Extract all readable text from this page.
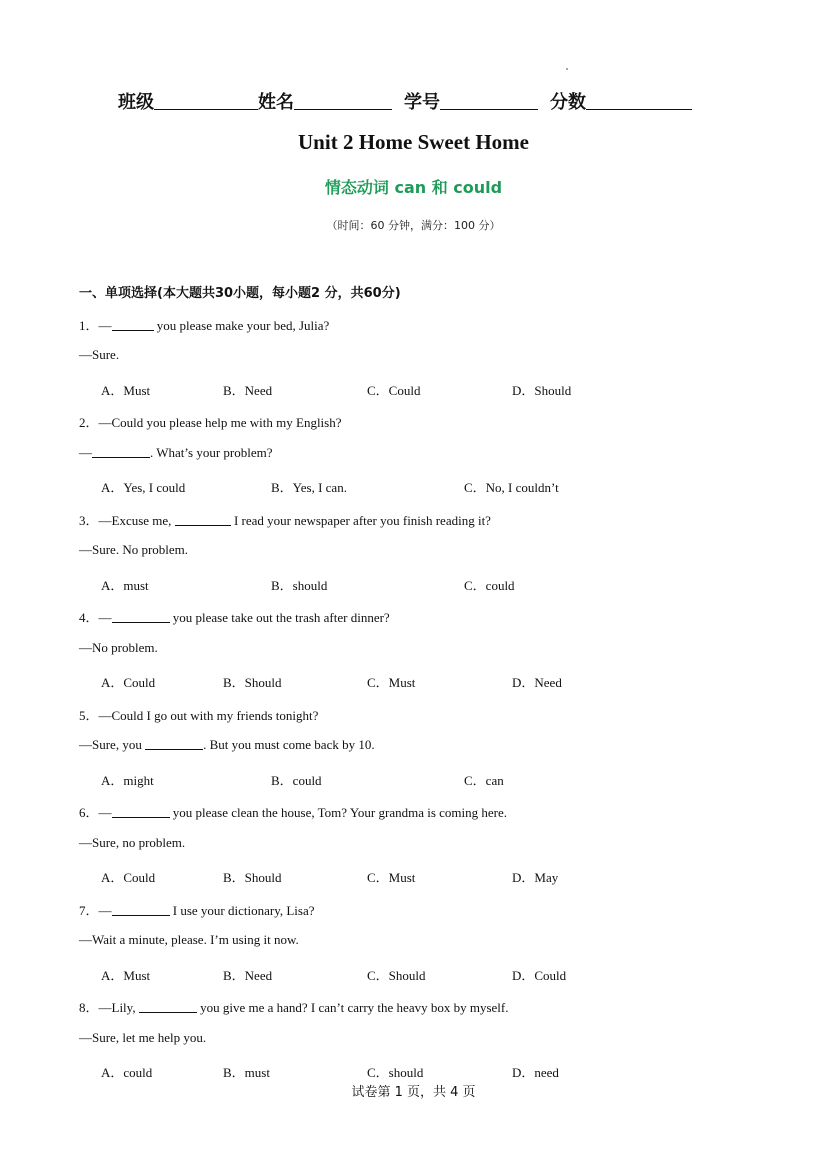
班级	姓名	学号	分数
Unit 2 Home Sweet Home
情态动词 can 和 could
（时间：60 分钟，满分：100 分）
一、单项选择(本大题共30小题，每小题2 分，共60分)
1．—	you please make your bed, Julia?
—Sure.
A．Must	B．Need	C．Could	D．Should
2．—Could you please help me with my English?
—	. What’s your problem?
A．Yes, I could	B．Yes, I can.	C．No, I couldn’t
3．—Excuse me,	I read your newspaper after you finish reading it?
—Sure. No problem.
A．must	B．should	C．could
4．—	you please take out the trash after dinner?
—No problem.
A．Could	B．Should	C．Must	D．Need
5．—Could I go out with my friends tonight?
—Sure, you	. But you must come back by 10.
A．might	B．could	C．can
6．—	you please clean the house, Tom? Your grandma is coming here.
—Sure, no problem.
A．Could	B．Should	C．Must	D．May
7．—	I use your dictionary, Lisa?
—Wait a minute, please. I’m using it now.
A．Must	B．Need	C．Should	D．Could
8．—Lily,	you give me a hand? I can’t carry the heavy box by myself.
—Sure, let me help you.
A．could	B．must	C．should	D．need
试卷第 1 页，共 4 页
